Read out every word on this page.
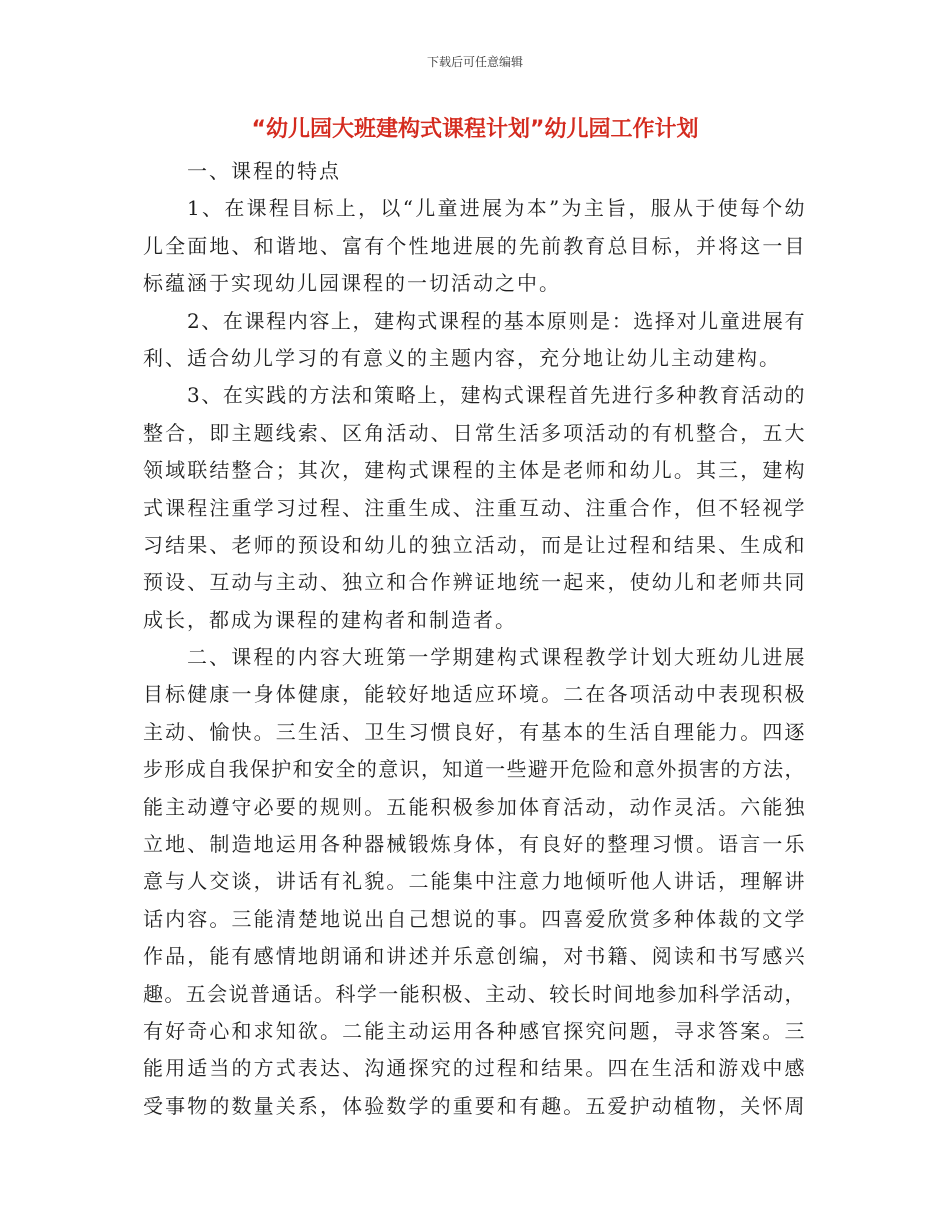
下载后可任意编辑
“幼儿园大班建构式课程计划”幼儿园工作计划
一、课程的特点
1、在课程目标上，以“儿童进展为本”为主旨，服从于使每个幼
儿全面地、和谐地、富有个性地进展的先前教育总目标，并将这一目
标蕴涵于实现幼儿园课程的一切活动之中。
2、在课程内容上，建构式课程的基本原则是：选择对儿童进展有
利、适合幼儿学习的有意义的主题内容，充分地让幼儿主动建构。
3、在实践的方法和策略上，建构式课程首先进行多种教育活动的
整合，即主题线索、区角活动、日常生活多项活动的有机整合，五大
领域联结整合；其次，建构式课程的主体是老师和幼儿。其三，建构
式课程注重学习过程、注重生成、注重互动、注重合作，但不轻视学
习结果、老师的预设和幼儿的独立活动，而是让过程和结果、生成和
预设、互动与主动、独立和合作辨证地统一起来，使幼儿和老师共同
成长，都成为课程的建构者和制造者。
二、课程的内容大班第一学期建构式课程教学计划大班幼儿进展
目标健康一身体健康，能较好地适应环境。二在各项活动中表现积极
主动、愉快。三生活、卫生习惯良好，有基本的生活自理能力。四逐
步形成自我保护和安全的意识，知道一些避开危险和意外损害的方法，
能主动遵守必要的规则。五能积极参加体育活动，动作灵活。六能独
立地、制造地运用各种器械锻炼身体，有良好的整理习惯。语言一乐
意与人交谈，讲话有礼貌。二能集中注意力地倾听他人讲话，理解讲
话内容。三能清楚地说出自己想说的事。四喜爱欣赏多种体裁的文学
作品，能有感情地朗诵和讲述并乐意创编，对书籍、阅读和书写感兴
趣。五会说普通话。科学一能积极、主动、较长时间地参加科学活动，
有好奇心和求知欲。二能主动运用各种感官探究问题，寻求答案。三
能用适当的方式表达、沟通探究的过程和结果。四在生活和游戏中感
受事物的数量关系，体验数学的重要和有趣。五爱护动植物，关怀周
